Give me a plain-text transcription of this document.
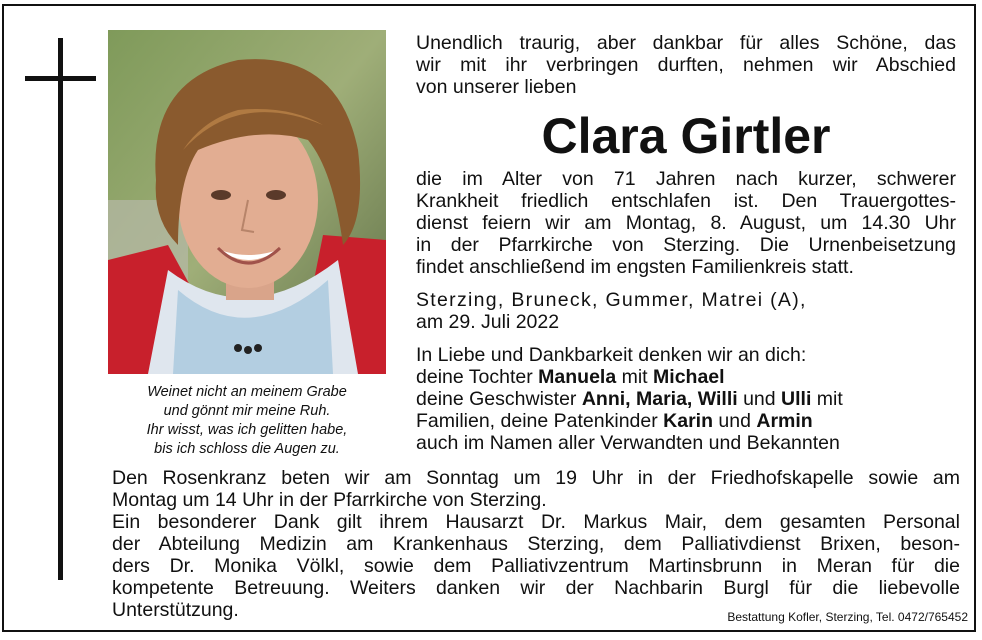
Weinet nicht an meinem Grabe
und gönnt mir meine Ruh.
Ihr wisst, was ich gelitten habe,
bis ich schloss die Augen zu.
Unendlich traurig, aber dankbar für alles Schöne, das
wir mit ihr verbringen durften, nehmen wir Abschied
von unserer lieben
Clara Girtler
die im Alter von 71 Jahren nach kurzer, schwerer
Krankheit friedlich entschlafen ist. Den Trauergottes-
dienst feiern wir am Montag, 8. August, um 14.30 Uhr
in der Pfarrkirche von Sterzing. Die Urnenbeisetzung
findet anschließend im engsten Familienkreis statt.
Sterzing, Bruneck, Gummer, Matrei (A),
am 29. Juli 2022
In Liebe und Dankbarkeit denken wir an dich:
deine Tochter Manuela mit Michael
deine Geschwister Anni, Maria, Willi und Ulli mit
Familien, deine Patenkinder Karin und Armin
auch im Namen aller Verwandten und Bekannten
Den Rosenkranz beten wir am Sonntag um 19 Uhr in der Friedhofskapelle sowie am
Montag um 14 Uhr in der Pfarrkirche von Sterzing.
Ein besonderer Dank gilt ihrem Hausarzt Dr. Markus Mair, dem gesamten Personal
der Abteilung Medizin am Krankenhaus Sterzing, dem Palliativdienst Brixen, beson-
ders Dr. Monika Völkl, sowie dem Palliativzentrum Martinsbrunn in Meran für die
kompetente Betreuung. Weiters danken wir der Nachbarin Burgl für die liebevolle
Unterstützung.	Bestattung Kofler, Sterzing, Tel. 0472/765452
